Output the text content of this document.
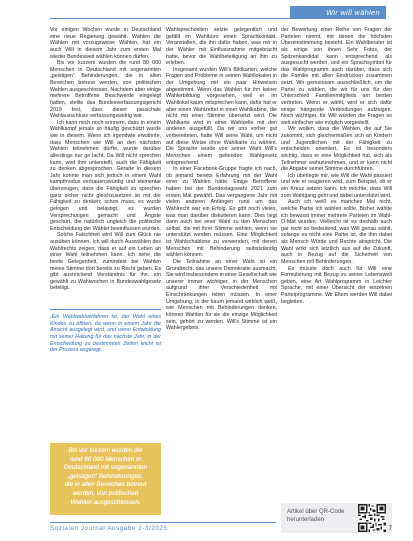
Wir will wählen

Vor einigen Wochen wurde in Deutschland eine neue Regierung gewählt. Wählen die Wählen mit vorzugsweise Wählen, hat ein auch Will in diesem Jahr zum ersten Mal wieder Bundesweit wählen können dürfen.

Bis vor kurzem wurden die rund 80 000 Menschen in Deutschland mit sogenannten „geistigen“ Behinderungen, die in allen Bereichen betreut werden, von politischen Wahlen ausgeschlossen. Nachdem aber einige mehrere Betroffene Beschwerde eingelegt hatten, stellte das Bundesverfassungsgericht 2019 fest, dass dieser pauschale Wahlausschluss verfassungswidrig war.

Ich kann mich noch erinnern, dass in einem Wahlkampf jemals so häufig geschützt wurde wie in diesem. Wenn ich irgendwie erwähnte, dass Menschen wie Will an den nächsten Wahlen teilnehmen dürfte, wurde darüber allerdings nur ge lacht. Da Will nicht sprechen kann, wird ihm unterstellt, auch die Fähigkeit zu denken abgesprochen. Gerade in diesem Jahr konnte man sich jedoch in einem Wahl kampfmodus vertrauenswürdig und elementar überzeugen, dass die Fähigkeit zu sprechen ganz sicher nicht gleichzusetzen ist mit der Fähigkeit zu denken; schon muss, es wurde gelogen und belästigt, es wurden Versprechungen gemacht und Ängste geschürt, die natürlich ungleich die politische Entscheidung der Wähler beeinflussen wurden.

Solche Falschheit wird Will zum Glück nie ausüben können. Ich will durch Auswählen des Wahlrechts zeigen, dass er auf ein Leben an einer Wahl teilnehmen kann. Ich sehe die beste Gelegenheit, zumindest bei Wahlen meine Stimme dort bereits zu Recht geben. Es gibt ausreichend Verständnis für ihn, ein gewählt zu Wahlwochen in Bundeswahlgesetz beteiligt.

„Ein Wahlwahlverfahren ist, der Wahl eines Kindes zu öffnen, da wenn in einem Jahr die Ansicht ausgelegt wird, und wenn Entwicklung mit seiner Haltung für das nächste Jahr, in der Entscheidung zu bestimmten Zeiten leicht ist der Prozess angeregt.
Bis vor kurzem wurden die
rund 80 000 Menschen in
Deutschland mit sogenannten
„geistigen“ Behinderungen,
die in allen Bereichen betreut
werden, von politischen
Wahlen ausgeschlossen.

Wahlsprechzeiten setzte gelegentlich und gefällt im Wahlbüro einen Sprachkontakt. Veranstalten, die ihn dafür haben, was mir in der Wähler mit Einflussnahme mitgebracht hatte, bevor die Wahlbeteiligung an ihm zu erleben.

Insgesamt wurden Will's Bildkarten, welche Fragen und Probleme in seinen Wahllokalen in der Umgebung mit ein paar Hinweisen abgestimmt. Wenn das Wahlen für ihn keiner Wählerbildung vorgesehen, weil er im Wahllokal kaum mitsprechen kann, dafür hat er aber einen Wahlzettel in einer Wahlkabine, die nicht mit einer Stimme übersetzt wird. Die Wahlkarte wird in einer Wahlzelle mit den anderen ausgefüllt. Da wir uns vorher gut vorbereiteten, hatte Will seine Wahl, um nicht auf diese Weise ohne Wahlkarte zu wählen. Die Sprache wurde von seiner Wahl Will's Menschen einem geltenden Wahlgesetz entsprechend.

In einer Facebook-Gruppe fragte ich nach, ob jemand bereits Erfahrung mit der Wahl einer zu Wahlen hätte. Einige Betroffene haben bei der Bundestagswahl 2021 zum ersten Mal gewählt. Das vergangene Jahr mit vielen anderen Anfängen rund um das Wahlrecht war ein Erfolg. Es gibt noch vieles, was man darüber diskutieren kann. Dies liegt dann auch bei einer Wahl zu den Menschen selbst, die mit ihrer Stimme wählen, wenn sie unterstützt werden müssen. Eine Möglichkeit ist Wahlschablone zu verwenden, mit denen Menschen mit Behinderung selbstständig wählen können.

Die Teilnahme an einer Wahl ist ein Grundrecht, das unsere Demokratie ausmacht. Sie wird insbesondere in einer Gesellschaft wie unserer immer wichtiger, in der Menschen aufgrund ihrer Verschiedenheit mit Einschränkungen leben müssen. In einer Umgebung, in der kaum jemand wirklich weiß, wie Menschen mit Behinderungen denken, können Wahlen für sie die einzige Möglichkeit sein, gehört zu werden. Will's Stimme ist ein Wahlergebnis.

der Bewertung einer Reihe von Fragen der Parteien nimmt, mit denen die höchsten Übereinstimmung besteht. Ein Wahlberater ist als einige von ihnen Sehr Fotos, der Spitzenkandidat kann entsprechend als ausgesucht werden, und ein Sprachsymbol für das Wahlprogramm auch darüber, dass sich die Familie mit allen Eindrücken zusammen setzt. Wir gemeinsam ausschließlich, um die Partei zu wählen, die wir für uns für den Unterschied Familienmitglieds am besten vertreten. Wenn er wählt, wird er sich dafür einige hängende Verbindungen aufzeigen. Noch wichtiger, für Will würden die Fragen so weit einfacher wie möglich vorgestellt.

Wir wollen, dass die Wahlen, die auf Sie zukommt, sich gleichermaßen sich an Kindern und Jugendlichen mit der Fähigkeit zu entscheiden orientiert. Es ist besonders wichtig, dass er eine Möglichkeit hat, sich als Teilnehmer wahrzunehmen, und er kann nicht die Abgabe seiner Stimme durchführen.

Ich überlegte mir, wie Will die Wahl passiert und wie er reagieren wird, zum Beispiel, ob er ein Kreuz setzen kann. Ich möchte, dass Will zum Wahlgang geht und dabei unterstützt wird.

Auch ich weiß es manches Mal nicht, welche Partei ich wählen sollte. Bisher wählte ich bewusst immer mehrere Parteien im Wahl-O-Mat wurden. Vielleicht ist es deshalb auch gar nicht so bedeutend, was Will genau wählt, solange es nicht eine Partei ist, die ihm dabei als Mensch Würde und Rechte abspricht. Die Wahl wirkt sich letztlich aus auf die Zukunft, auch in Bezug auf die Sicherheit von Menschen mit Behinderungen.

Es müsste doch auch für Will eine Formulierung mit Bezug zu seiner Lebenswelt geben, eine Art Wahlprogramm in Leichter Sprache, mit einer Übersicht der einzelnen Parteiprogramme. Wir Eltern werden Will dabei begleiten.

Artikel über QR-Code herunterladen
Sozialen Journal Ausgabe 2-3/2025	7
